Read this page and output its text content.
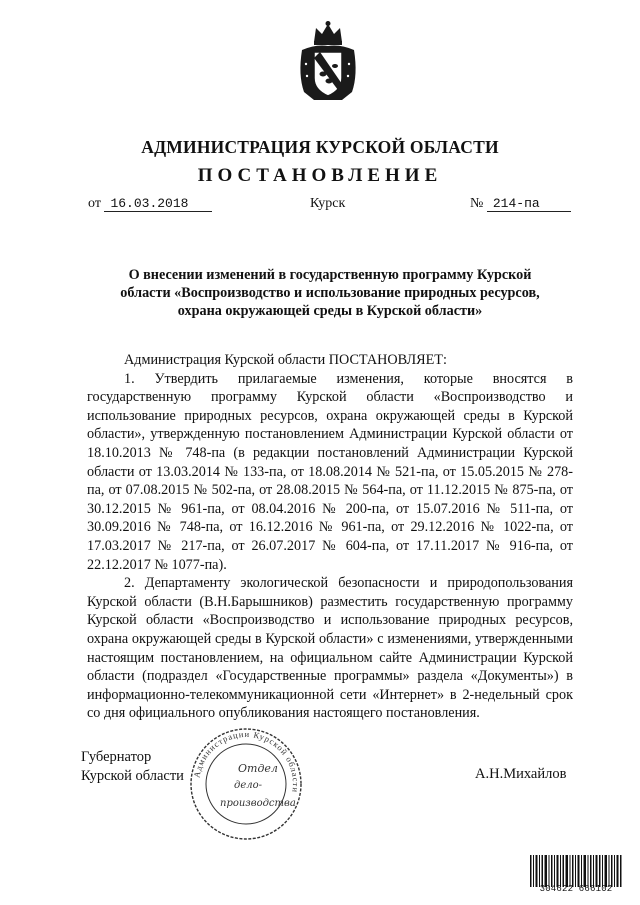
АДМИНИСТРАЦИЯ КУРСКОЙ ОБЛАСТИ
ПОСТАНОВЛЕНИЕ
от 16.03.2018	Курск	№ 214-па
О внесении изменений в государственную программу Курской
области «Воспроизводство и использование природных ресурсов,
охрана окружающей среды в Курской области»

Администрация Курской области ПОСТАНОВЛЯЕТ:

1. Утвердить прилагаемые изменения, которые вносятся в государственную программу Курской области «Воспроизводство и использование природных ресурсов, охрана окружающей среды в Курской области», утвержденную постановлением Администрации Курской области от 18.10.2013 № 748-па (в редакции постановлений Администрации Курской области от 13.03.2014 № 133-па, от 18.08.2014 № 521-па, от 15.05.2015 № 278-па, от 07.08.2015 № 502-па, от 28.08.2015 № 564-па, от 11.12.2015 № 875-па, от 30.12.2015 № 961-па, от 08.04.2016 № 200-па, от 15.07.2016 № 511-па, от 30.09.2016 № 748-па, от 16.12.2016 № 961-па, от 29.12.2016 № 1022-па, от 17.03.2017 № 217-па, от 26.07.2017 № 604-па, от 17.11.2017 № 916-па, от 22.12.2017 № 1077-па).

2. Департаменту экологической безопасности и природопользования Курской области (В.Н.Барышников) разместить государственную программу Курской области «Воспроизводство и использование природных ресурсов, охрана окружающей среды в Курской области» с изменениями, утвержденными настоящим постановлением, на официальном сайте Администрации Курской области (подраздел «Государственные программы» раздела «Документы») в информационно-телекоммуникационной сети «Интернет» в 2-недельный срок со дня официального опубликования настоящего постановления.

Губернатор
Курской области	А.Н.Михайлов
Администрации Курской области
Отдел
дело-
производства
304622 666102
